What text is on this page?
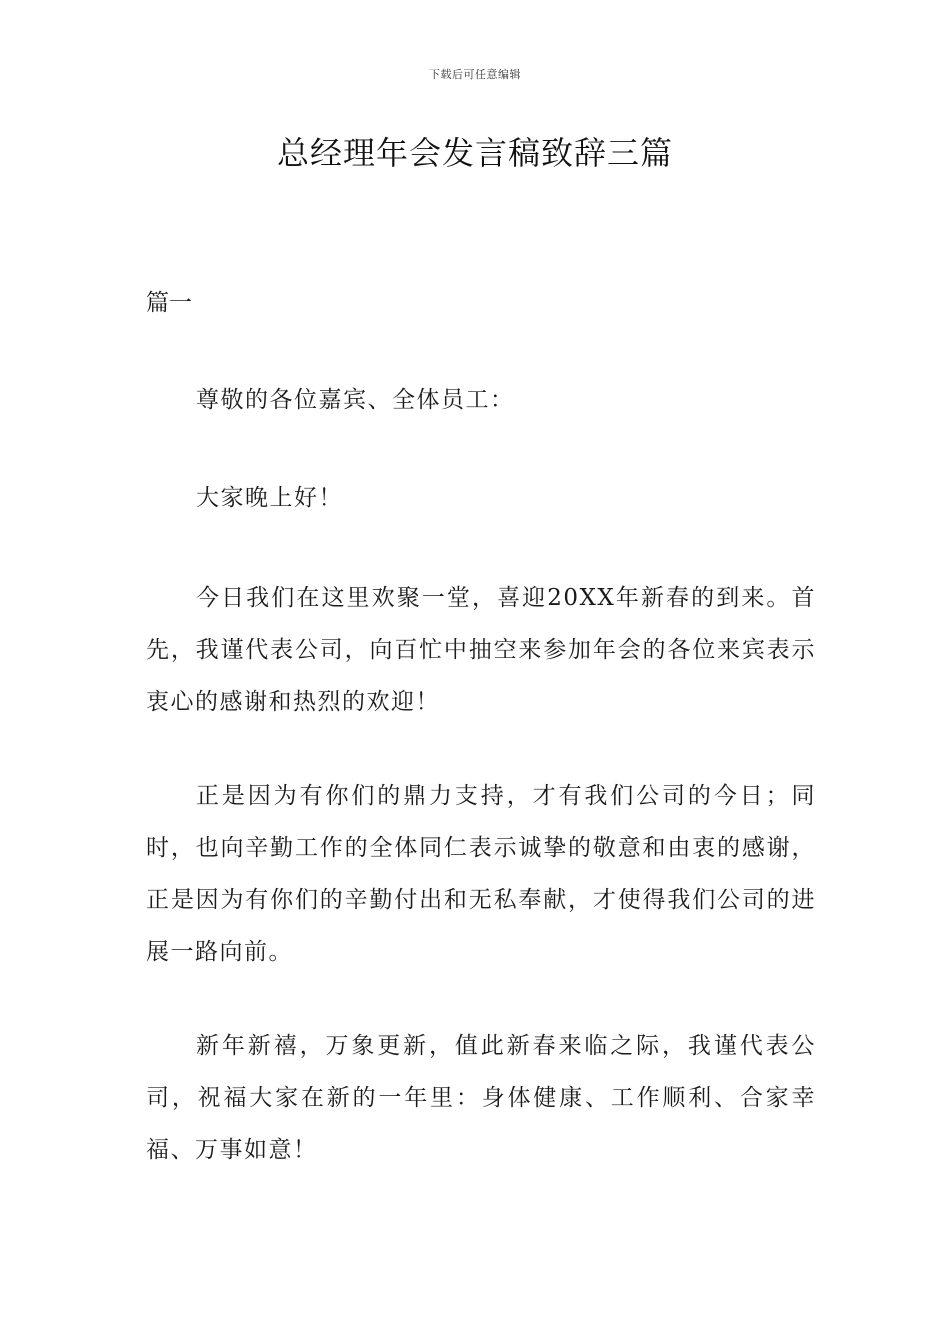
下载后可任意编辑
总经理年会发言稿致辞三篇
篇一
尊敬的各位嘉宾、全体员工：
大家晚上好！
今日我们在这里欢聚一堂，喜迎20XX年新春的到来。首先，我谨代表公司，向百忙中抽空来参加年会的各位来宾表示衷心的感谢和热烈的欢迎！
正是因为有你们的鼎力支持，才有我们公司的今日；同时，也向辛勤工作的全体同仁表示诚挚的敬意和由衷的感谢，正是因为有你们的辛勤付出和无私奉献，才使得我们公司的进展一路向前。
新年新禧，万象更新，值此新春来临之际，我谨代表公司，祝福大家在新的一年里：身体健康、工作顺利、合家幸福、万事如意！
